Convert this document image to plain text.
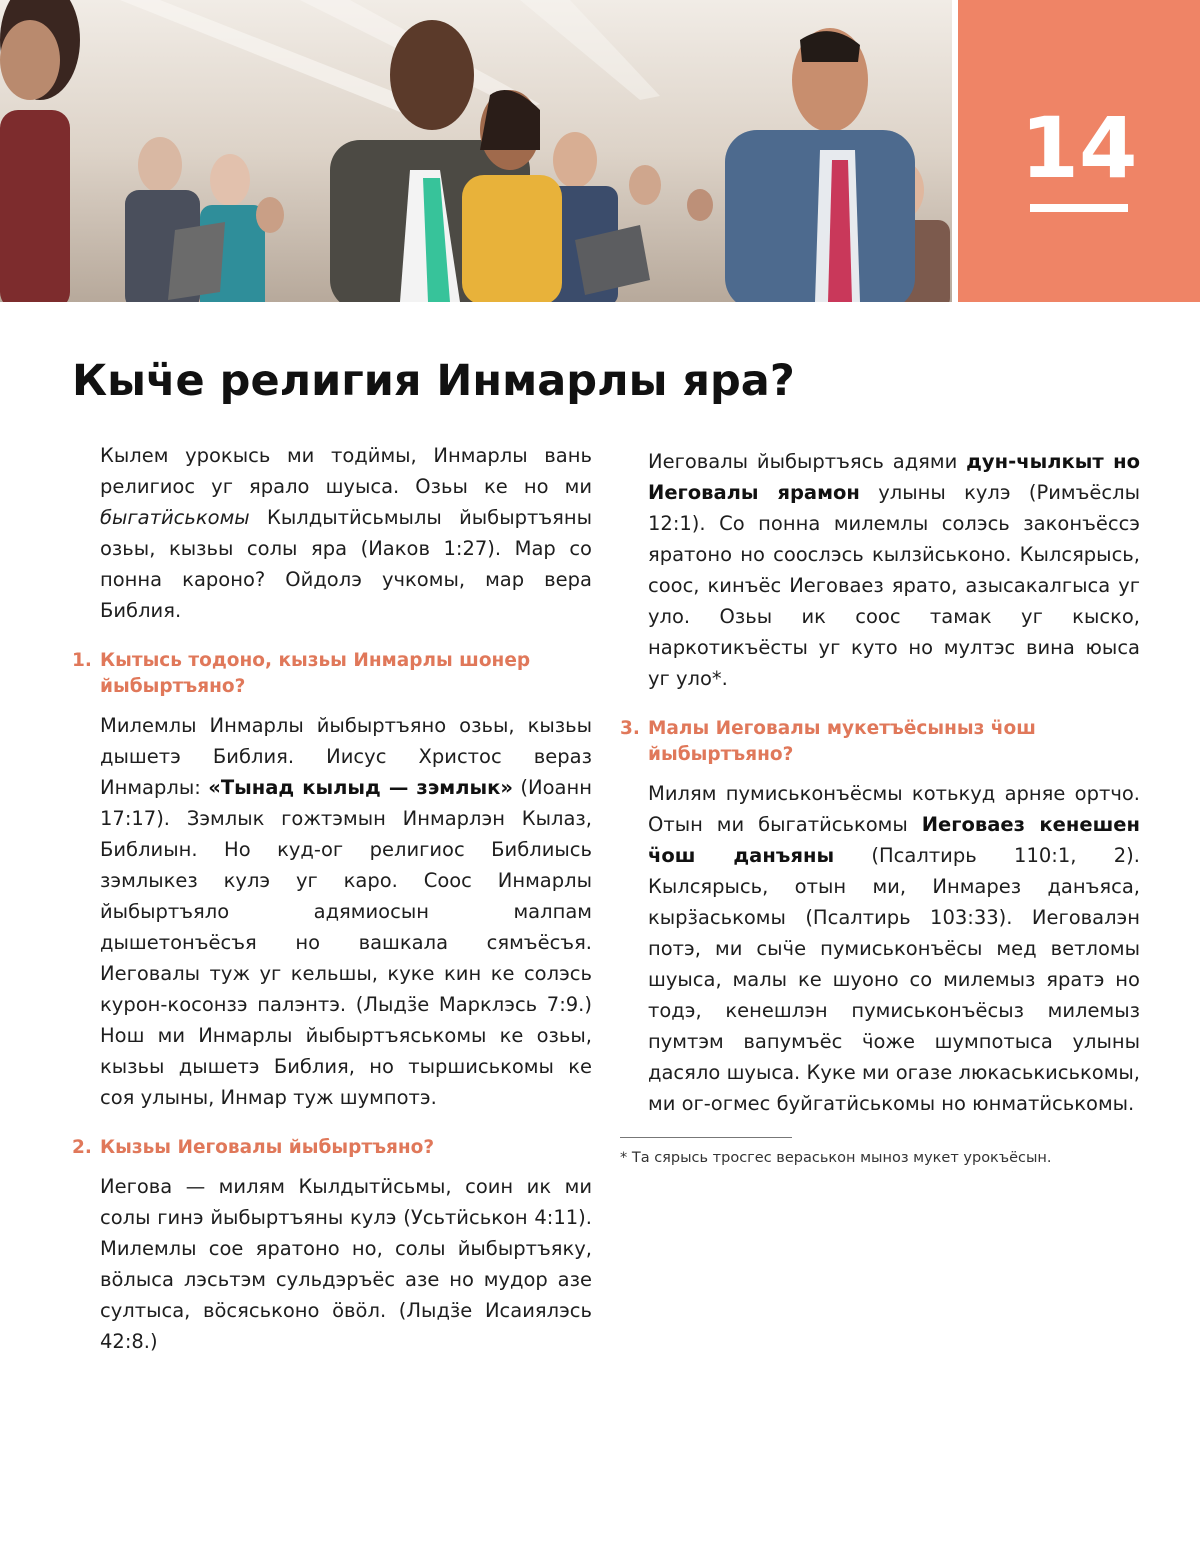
14
Кыӵе религия Инмарлы яра?

Кылем урокысь ми тодӥмы, Инмарлы вань религиос уг ярало шуыса. Озьы ке но ми быгатӥськомы Кылдытӥсьмылы йыбыртъяны озьы, кызьы солы яра (Иаков 1:27). Мар со понна кароно? Ойдолэ учкомы, мар вера Библия.

1. Кытысь тодоно, кызьы Инмарлы шонер йыбыртъяно?

Милемлы Инмарлы йыбыртъяно озьы, кызьы дышетэ Библия. Иисус Христос вераз Инмарлы: «Тынад кылыд — зэмлык» (Иоанн 17:17). Зэмлык гожтэмын Инмарлэн Кылаз, Библиын. Но куд-ог религиос Библиысь зэмлыкез кулэ уг каро. Соос Инмарлы йыбыртъяло адямиосын малпам дышетонъёсъя но вашкала сямъёсъя. Иеговалы туж уг кельшы, куке кин ке солэсь курон-косонзэ палэнтэ. (Лыдӟе Марклэсь 7:9.) Нош ми Инмарлы йыбыртъяськомы ке озьы, кызьы дышетэ Библия, но тыршиськомы ке соя улыны, Инмар туж шумпотэ.

2. Кызьы Иеговалы йыбыртъяно?

Иегова — милям Кылдытӥсьмы, соин ик ми солы гинэ йыбыртъяны кулэ (Усьтӥськон 4:11). Милемлы сое яратоно но, солы йыбыртъяку, вӧлыса лэсьтэм сульдэръёс азе но мудор азе султыса, вӧсяськоно ӧвӧл. (Лыдӟе Исаиялэсь 42:8.)

Иеговалы йыбыртъясь адями дун-чылкыт но Иеговалы ярамон улыны кулэ (Римъёслы 12:1). Со понна милемлы солэсь законъёссэ яратоно но соослэсь кылзӥськоно. Кылсярысь, соос, кинъёс Иеговаез ярато, азысакалгыса уг уло. Озьы ик соос тамак уг кыско, наркотикъёсты уг куто но мултэс вина юыса уг уло*.

3. Малы Иеговалы мукетъёсыныз ӵош йыбыртъяно?

Милям пумиськонъёсмы котькуд арняе ортчо. Отын ми быгатӥськомы Иеговаез кенешен ӵош данъяны (Псалтирь 110:1, 2). Кылсярысь, отын ми, Инмарез данъяса, кырӟаськомы (Псалтирь 103:33). Иеговалэн потэ, ми сыӵе пумиськонъёсы мед ветломы шуыса, малы ке шуоно со милемыз яратэ но тодэ, кенешлэн пумиськонъёсыз милемыз пумтэм вапумъёс ӵоже шумпотыса улыны дасяло шуыса. Куке ми огазе люкаськиськомы, ми ог-огмес буйгатӥськомы но юнматӥськомы.

* Та сярысь тросгес вераськон мыноз мукет урокъёсын.
